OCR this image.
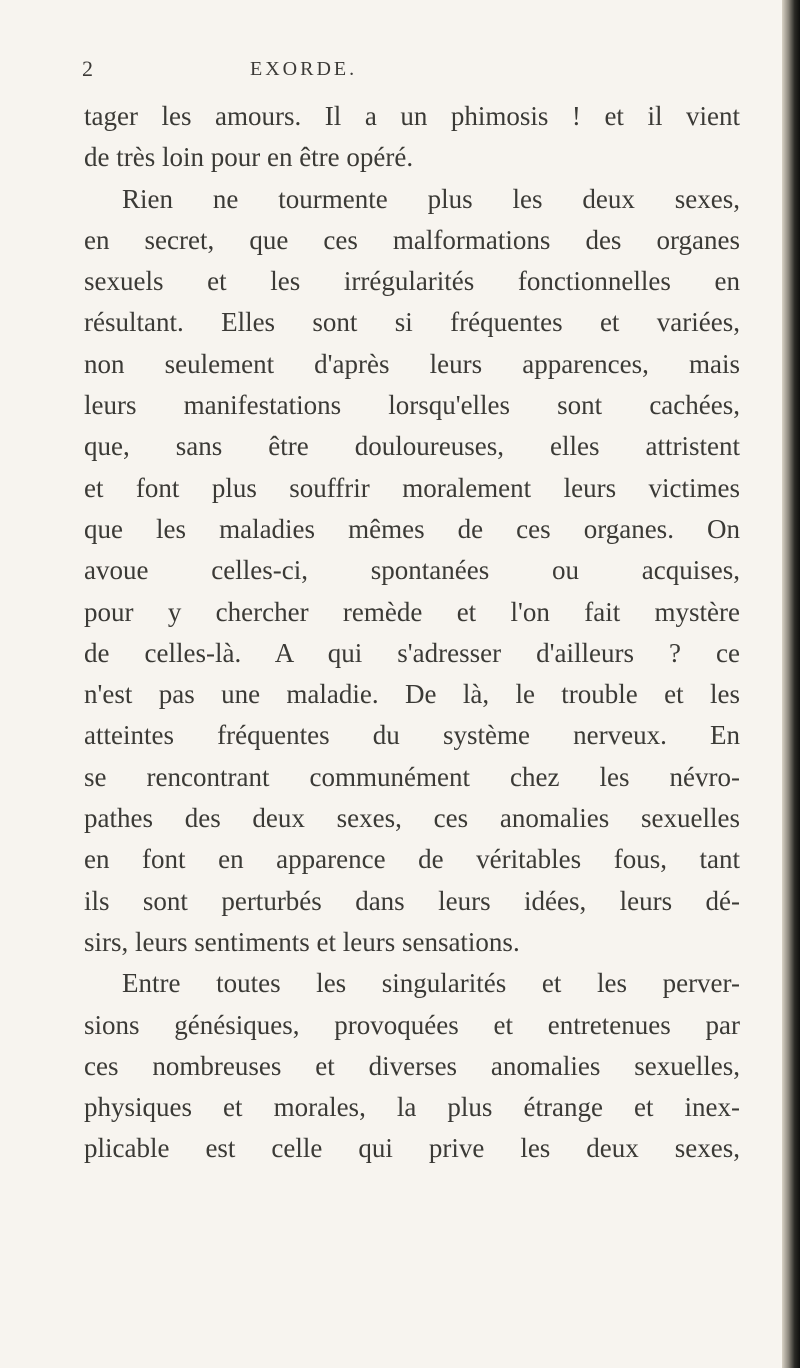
2	EXORDE.
tager les amours. Il a un phimosis ! et il vient
de très loin pour en être opéré.
Rien ne tourmente plus les deux sexes,
en secret, que ces malformations des organes
sexuels et les irrégularités fonctionnelles en
résultant. Elles sont si fréquentes et variées,
non seulement d'après leurs apparences, mais
leurs manifestations lorsqu'elles sont cachées,
que, sans être douloureuses, elles attristent
et font plus souffrir moralement leurs victimes
que les maladies mêmes de ces organes. On
avoue celles-ci, spontanées ou acquises,
pour y chercher remède et l'on fait mystère
de celles-là. A qui s'adresser d'ailleurs ? ce
n'est pas une maladie. De là, le trouble et les
atteintes fréquentes du système nerveux. En
se rencontrant communément chez les névro-
pathes des deux sexes, ces anomalies sexuelles
en font en apparence de véritables fous, tant
ils sont perturbés dans leurs idées, leurs dé-
sirs, leurs sentiments et leurs sensations.
Entre toutes les singularités et les perver-
sions génésiques, provoquées et entretenues par
ces nombreuses et diverses anomalies sexuelles,
physiques et morales, la plus étrange et inex-
plicable est celle qui prive les deux sexes,
